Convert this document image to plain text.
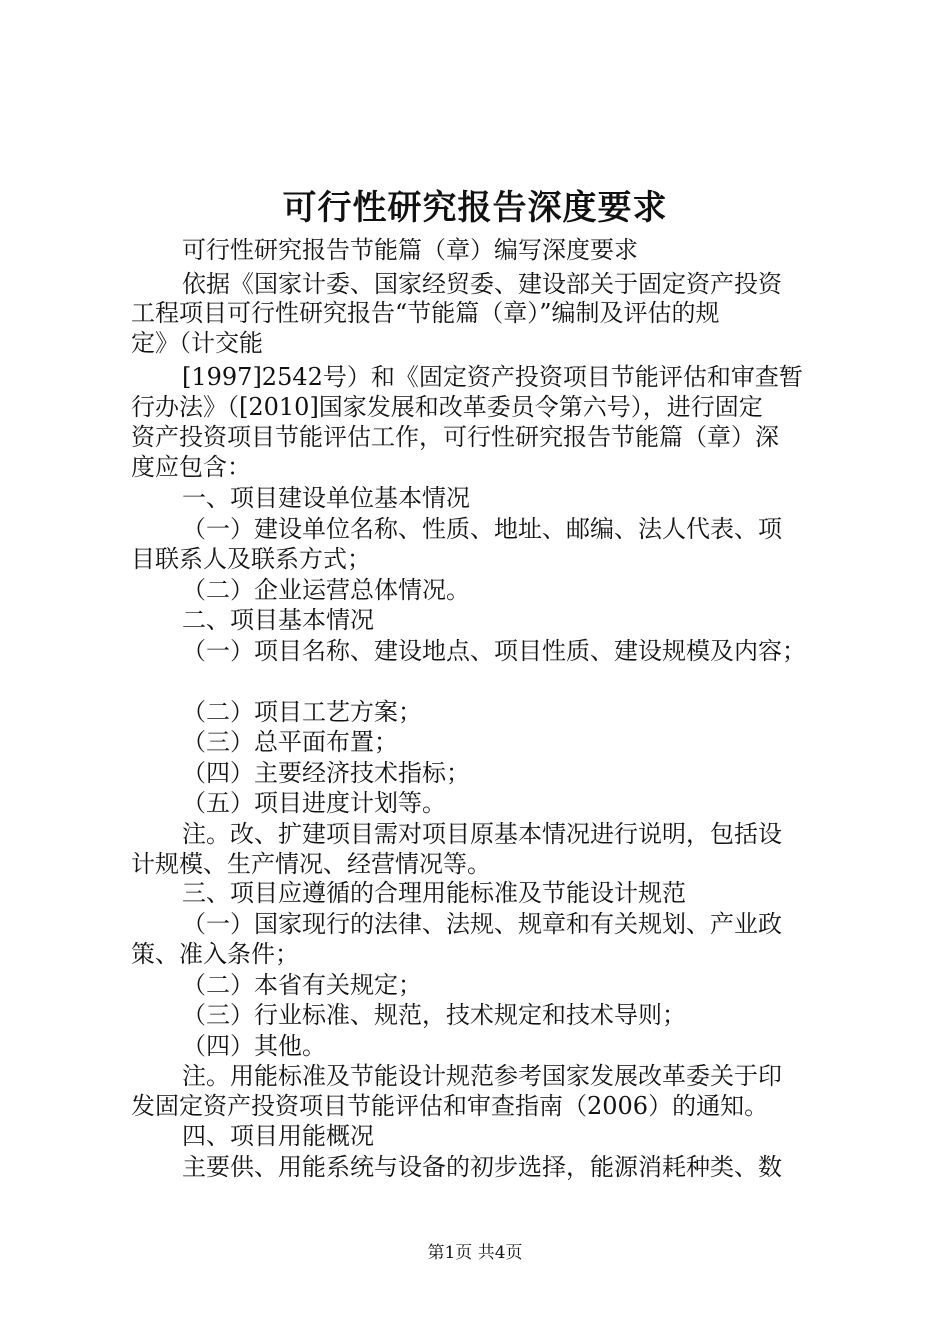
可行性研究报告深度要求
可行性研究报告节能篇（章）编写深度要求
依据《国家计委、国家经贸委、建设部关于固定资产投资
工程项目可行性研究报告“节能篇（章）”编制及评估的规
定》（计交能
[1997]2542号）和《固定资产投资项目节能评估和审查暂
行办法》（[2010]国家发展和改革委员令第六号），进行固定
资产投资项目节能评估工作，可行性研究报告节能篇（章）深
度应包含：
一、项目建设单位基本情况
（一）建设单位名称、性质、地址、邮编、法人代表、项
目联系人及联系方式；
（二）企业运营总体情况。
二、项目基本情况
（一）项目名称、建设地点、项目性质、建设规模及内容；
（二）项目工艺方案；
（三）总平面布置；
（四）主要经济技术指标；
（五）项目进度计划等。
注。改、扩建项目需对项目原基本情况进行说明，包括设
计规模、生产情况、经营情况等。
三、项目应遵循的合理用能标准及节能设计规范
（一）国家现行的法律、法规、规章和有关规划、产业政
策、准入条件；
（二）本省有关规定；
（三）行业标准、规范，技术规定和技术导则；
（四）其他。
注。用能标准及节能设计规范参考国家发展改革委关于印
发固定资产投资项目节能评估和审查指南（2006）的通知。
四、项目用能概况
主要供、用能系统与设备的初步选择，能源消耗种类、数
第1页 共4页
